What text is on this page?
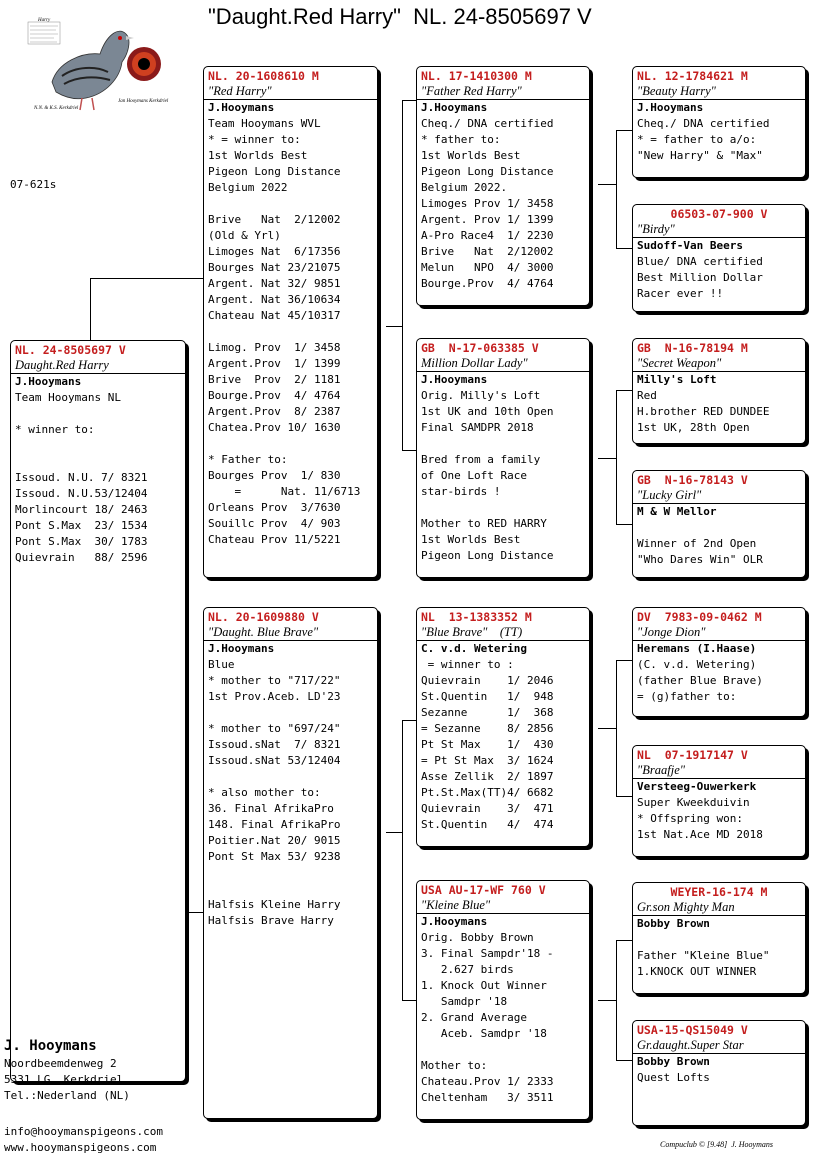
"Daught.Red Harry"  NL. 24-8505697 V
Harry
N.N. & K.S. Kerkdriel
Jan Hooymans Kerkdriel
07-621s
NL. 24-8505697 V
Daught.Red Harry
J.Hooymans
Team Hooymans NL
* winner to:
Issoud. N.U. 7/ 8321
Issoud. N.U.53/12404
Morlincourt 18/ 2463
Pont S.Max  23/ 1534
Pont S.Max  30/ 1783
Quievrain   88/ 2596
NL. 20-1608610 M
"Red Harry"
J.Hooymans
Team Hooymans WVL
* = winner to:
1st Worlds Best
Pigeon Long Distance
Belgium 2022
Brive   Nat  2/12002
(Old & Yrl)
Limoges Nat  6/17356
Bourges Nat 23/21075
Argent. Nat 32/ 9851
Argent. Nat 36/10634
Chateau Nat 45/10317
Limog. Prov  1/ 3458
Argent.Prov  1/ 1399
Brive  Prov  2/ 1181
Bourge.Prov  4/ 4764
Argent.Prov  8/ 2387
Chatea.Prov 10/ 1630
* Father to:
Bourges Prov  1/ 830
=      Nat. 11/6713
Orleans Prov  3/7630
Souillc Prov  4/ 903
Chateau Prov 11/5221
NL. 20-1609880 V
"Daught. Blue Brave"
J.Hooymans
Blue
* mother to "717/22"
1st Prov.Aceb. LD'23
* mother to "697/24"
Issoud.sNat  7/ 8321
Issoud.sNat 53/12404
* also mother to:
36. Final AfrikaPro
148. Final AfrikaPro
Poitier.Nat 20/ 9015
Pont St Max 53/ 9238
Halfsis Kleine Harry
Halfsis Brave Harry
NL. 17-1410300 M
"Father Red Harry"
J.Hooymans
Cheq./ DNA certified
* father to:
1st Worlds Best
Pigeon Long Distance
Belgium 2022.
Limoges Prov 1/ 3458
Argent. Prov 1/ 1399
A-Pro Race4  1/ 2230
Brive   Nat  2/12002
Melun   NPO  4/ 3000
Bourge.Prov  4/ 4764
GB  N-17-063385 V
Million Dollar Lady"
J.Hooymans
Orig. Milly's Loft
1st UK and 10th Open
Final SAMDPR 2018
Bred from a family
of One Loft Race
star-birds !
Mother to RED HARRY
1st Worlds Best
Pigeon Long Distance
NL  13-1383352 M
"Blue Brave"    (TT)
C. v.d. Wetering
= winner to :
Quievrain    1/ 2046
St.Quentin   1/  948
Sezanne      1/  368
= Sezanne    8/ 2856
Pt St Max    1/  430
= Pt St Max  3/ 1624
Asse Zellik  2/ 1897
Pt.St.Max(TT)4/ 6682
Quievrain    3/  471
St.Quentin   4/  474
USA AU-17-WF 760 V
"Kleine Blue"
J.Hooymans
Orig. Bobby Brown
3. Final Sampdr'18 -
2.627 birds
1. Knock Out Winner
Samdpr '18
2. Grand Average
Aceb. Samdpr '18
Mother to:
Chateau.Prov 1/ 2333
Cheltenham   3/ 3511
NL. 12-1784621 M
"Beauty Harry"
J.Hooymans
Cheq./ DNA certified
* = father to a/o:
"New Harry" & "Max"
06503-07-900 V
"Birdy"
Sudoff-Van Beers
Blue/ DNA certified
Best Million Dollar
Racer ever !!
GB  N-16-78194 M
"Secret Weapon"
Milly's Loft
Red
H.brother RED DUNDEE
1st UK, 28th Open
GB  N-16-78143 V
"Lucky Girl"
M & W Mellor
Winner of 2nd Open
"Who Dares Win" OLR
DV  7983-09-0462 M
"Jonge Dion"
Heremans (I.Haase)
(C. v.d. Wetering)
(father Blue Brave)
= (g)father to:
NL  07-1917147 V
"Braafje"
Versteeg-Ouwerkerk
Super Kweekduivin
* Offspring won:
1st Nat.Ace MD 2018
WEYER-16-174 M
Gr.son Mighty Man
Bobby Brown
Father "Kleine Blue"
1.KNOCK OUT WINNER
USA-15-QS15049 V
Gr.daught.Super Star
Bobby Brown
Quest Lofts
J. Hooymans
Noordbeemdenweg 2
5331 LG  Kerkdriel
Tel.:Nederland (NL)
info@hooymanspigeons.com
www.hooymanspigeons.com	Compuclub © [9.48]  J. Hooymans
